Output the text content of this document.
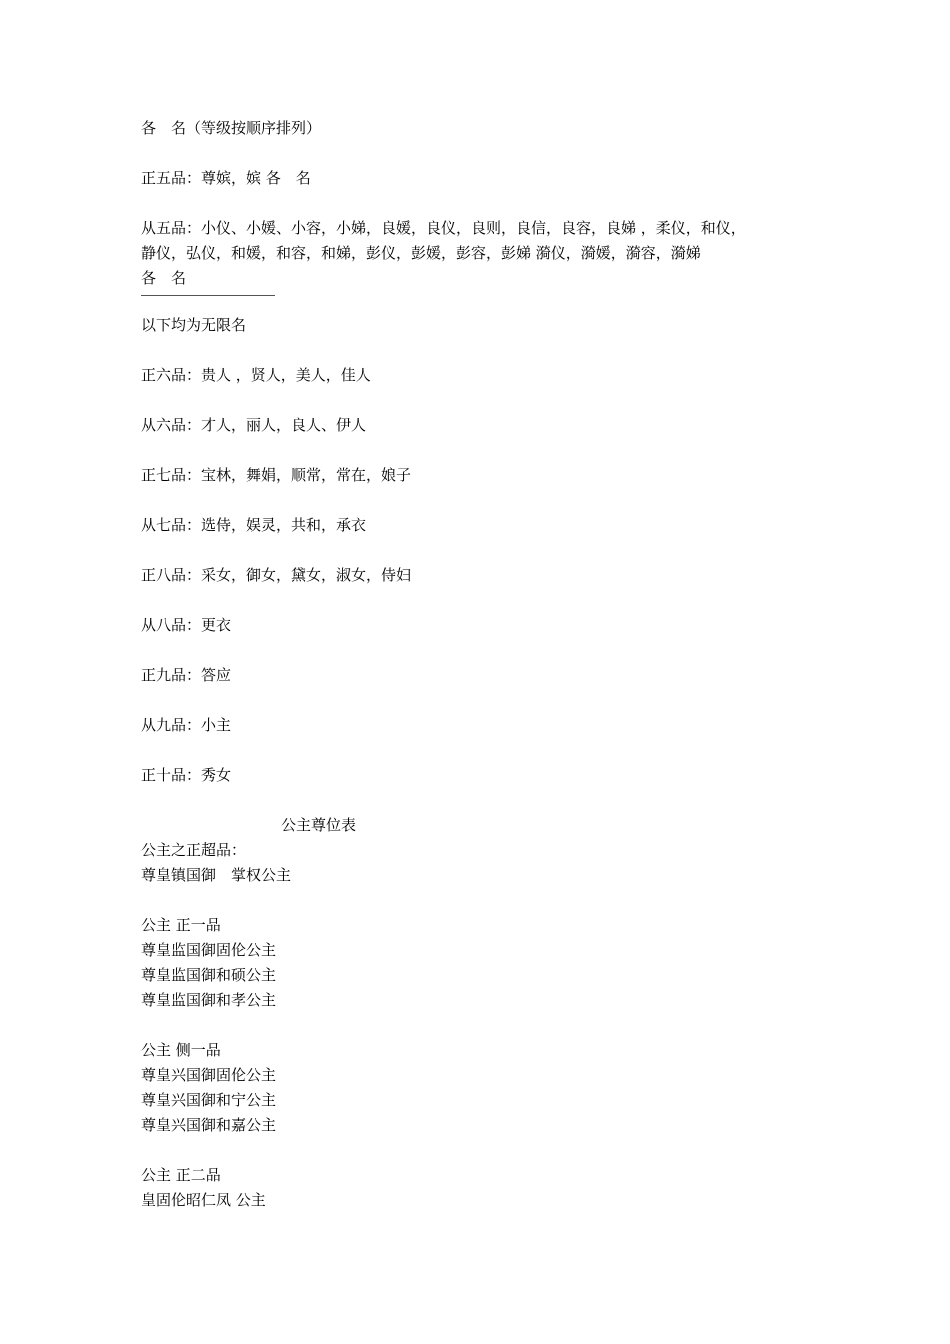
各　名（等级按顺序排列）
正五品：尊嫔，嫔 各　名
从五品：小仪、小媛、小容，小娣，良媛，良仪，良则，良信，良容，良娣 ，柔仪，和仪，
静仪，弘仪，和媛，和容，和娣，彭仪，彭媛，彭容，彭娣 漪仪，漪媛，漪容，漪娣
各　名
以下均为无限名
正六品：贵人 ，贤人，美人，佳人
从六品：才人，丽人，良人、伊人
正七品：宝林，舞娟，顺常，常在，娘子
从七品：选侍，娱灵，共和，承衣
正八品：采女，御女，黛女，淑女，侍妇
从八品：更衣
正九品：答应
从九品：小主
正十品：秀女
公主尊位表
公主之正超品：
尊皇镇国御　掌权公主
公主 正一品
尊皇监国御固伦公主
尊皇监国御和硕公主
尊皇监国御和孝公主
公主 侧一品
尊皇兴国御固伦公主
尊皇兴国御和宁公主
尊皇兴国御和嘉公主
公主 正二品
皇固伦昭仁凤 公主
